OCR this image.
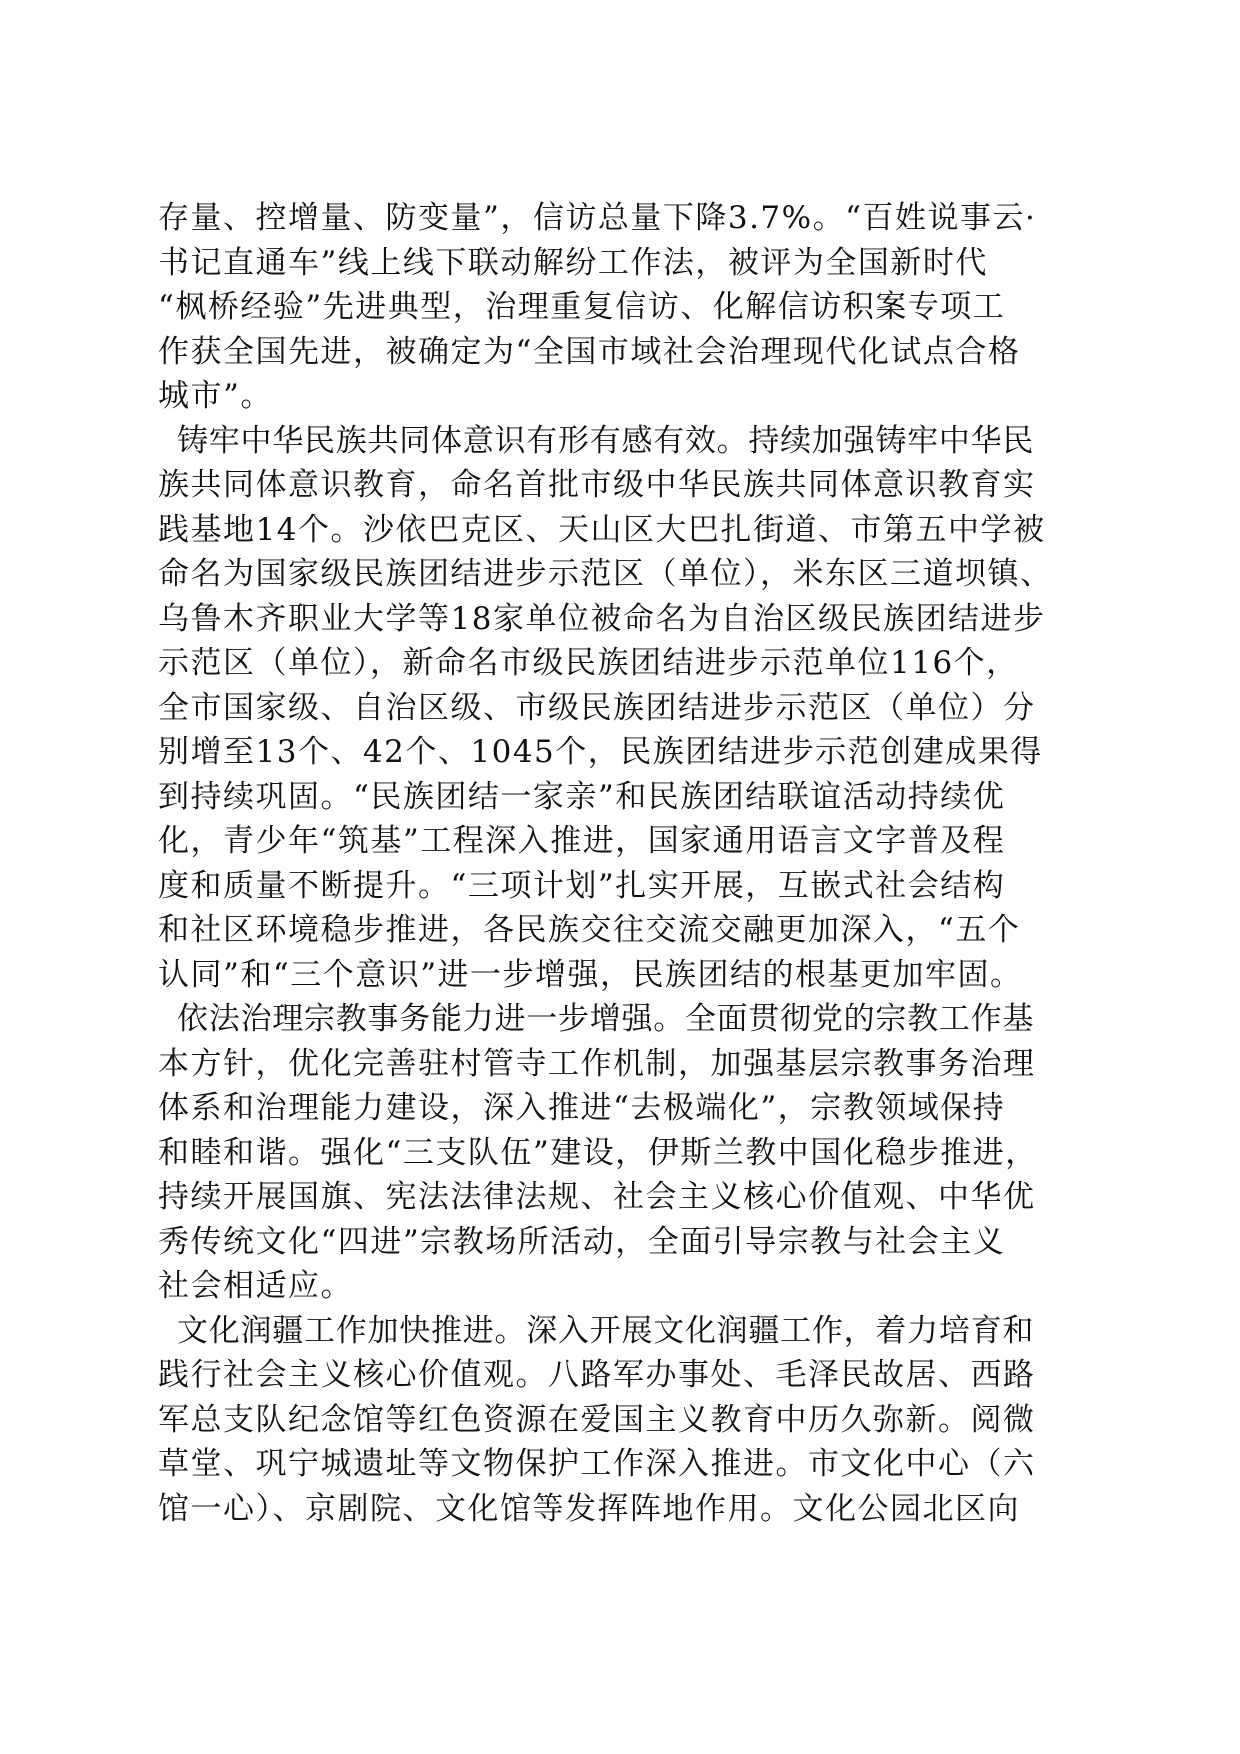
存量、控增量、防变量”，信访总量下降3.7%。“百姓说事云·
书记直通车”线上线下联动解纷工作法，被评为全国新时代
“枫桥经验”先进典型，治理重复信访、化解信访积案专项工
作获全国先进，被确定为“全国市域社会治理现代化试点合格
城市”。
铸牢中华民族共同体意识有形有感有效。持续加强铸牢中华民
族共同体意识教育，命名首批市级中华民族共同体意识教育实
践基地14个。沙依巴克区、天山区大巴扎街道、市第五中学被
命名为国家级民族团结进步示范区（单位），米东区三道坝镇、
乌鲁木齐职业大学等18家单位被命名为自治区级民族团结进步
示范区（单位），新命名市级民族团结进步示范单位116个，
全市国家级、自治区级、市级民族团结进步示范区（单位）分
别增至13个、42个、1045个，民族团结进步示范创建成果得
到持续巩固。“民族团结一家亲”和民族团结联谊活动持续优
化，青少年“筑基”工程深入推进，国家通用语言文字普及程
度和质量不断提升。“三项计划”扎实开展，互嵌式社会结构
和社区环境稳步推进，各民族交往交流交融更加深入，“五个
认同”和“三个意识”进一步增强，民族团结的根基更加牢固。
依法治理宗教事务能力进一步增强。全面贯彻党的宗教工作基
本方针，优化完善驻村管寺工作机制，加强基层宗教事务治理
体系和治理能力建设，深入推进“去极端化”，宗教领域保持
和睦和谐。强化“三支队伍”建设，伊斯兰教中国化稳步推进，
持续开展国旗、宪法法律法规、社会主义核心价值观、中华优
秀传统文化“四进”宗教场所活动，全面引导宗教与社会主义
社会相适应。
文化润疆工作加快推进。深入开展文化润疆工作，着力培育和
践行社会主义核心价值观。八路军办事处、毛泽民故居、西路
军总支队纪念馆等红色资源在爱国主义教育中历久弥新。阅微
草堂、巩宁城遗址等文物保护工作深入推进。市文化中心（六
馆一心）、京剧院、文化馆等发挥阵地作用。文化公园北区向
